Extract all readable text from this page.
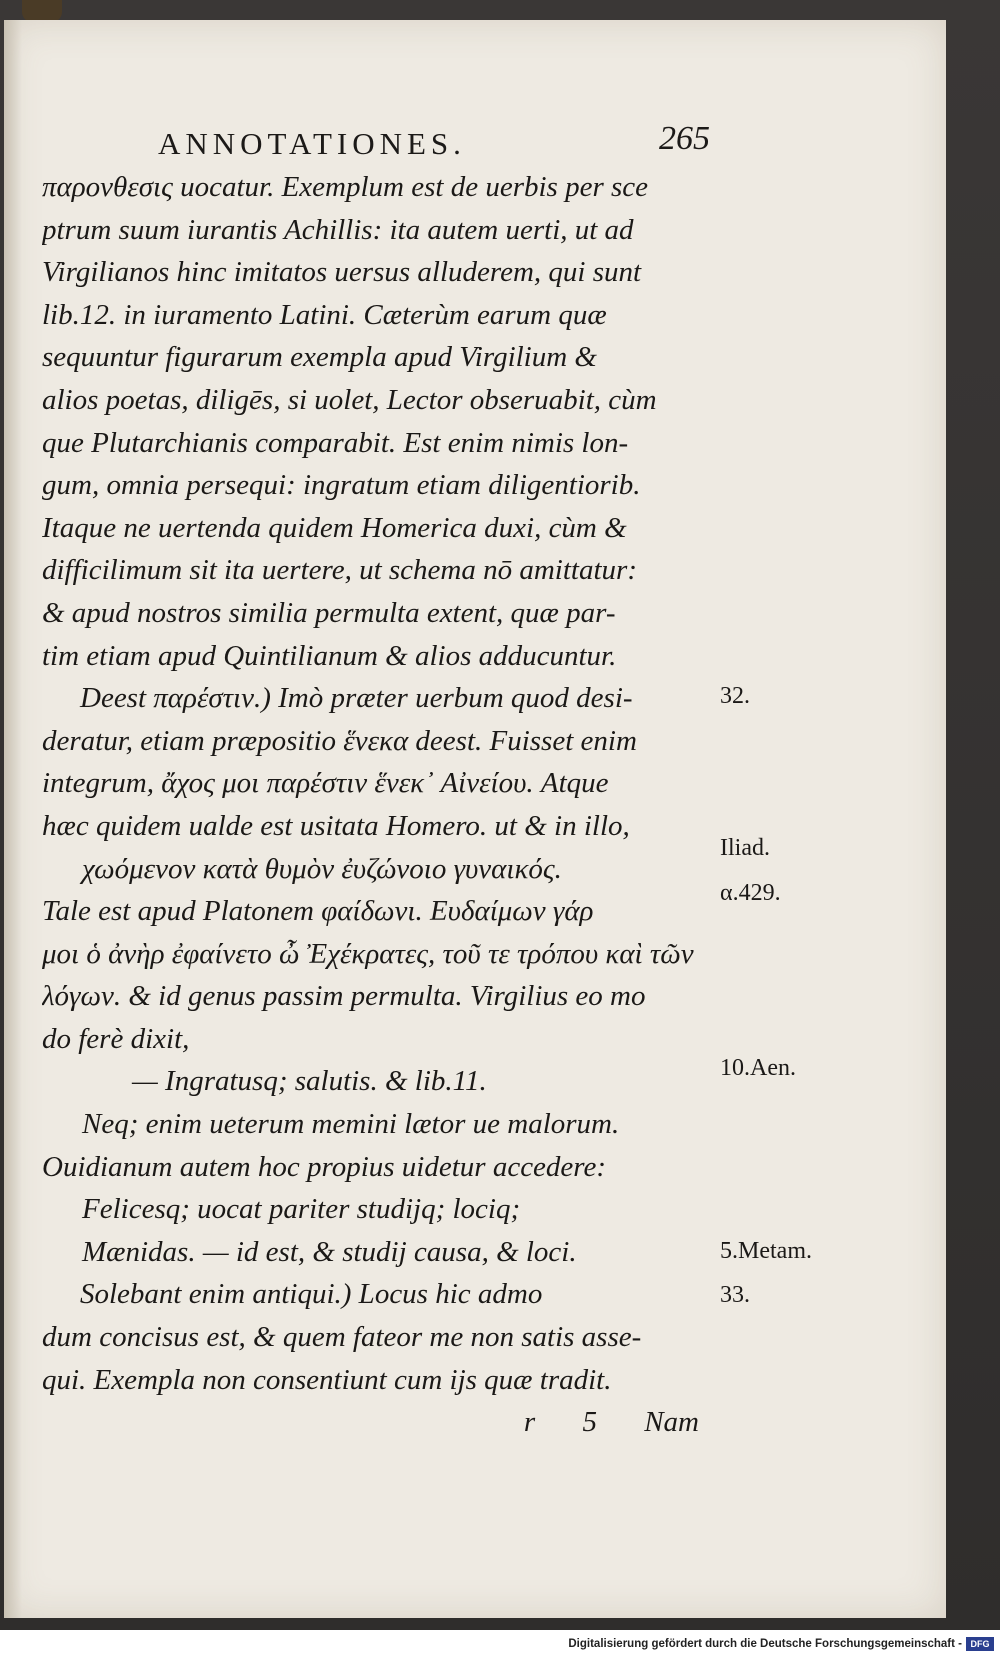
ANNOTATIONES.	265
παρονθεσις uocatur. Exemplum est de uerbis per sce
ptrum suum iurantis Achillis: ita autem uerti, ut ad
Virgilianos hinc imitatos uersus alluderem, qui sunt
lib.12. in iuramento Latini. Cæterùm earum quæ
sequuntur figurarum exempla apud Virgilium &
alios poetas, diligēs, si uolet, Lector obseruabit, cùm
que Plutarchianis comparabit. Est enim nimis lon-
gum, omnia persequi: ingratum etiam diligentiorib.
Itaque ne uertenda quidem Homerica duxi, cùm &
difficilimum sit ita uertere, ut schema nō amittatur:
& apud nostros similia permulta extent, quæ par-
tim etiam apud Quintilianum & alios adducuntur.
Deest παρέστιν.) Imò præter uerbum quod desi-
deratur, etiam præpositio ἕνεκα deest. Fuisset enim
integrum, ἄχος μοι παρέστιν ἕνεκ᾽ Αἰνείου. Atque
hæc quidem ualde est usitata Homero. ut & in illo,
χωόμενον κατὰ θυμὸν ἐυζώνοιο γυναικός.
Tale est apud Platonem φαίδωνι. Ευδαίμων γάρ
μοι ὁ ἀνὴρ ἐφαίνετο ὦ Ἐχέκρατες, τοῦ τε τρόπου καὶ τῶν
λόγων. & id genus passim permulta. Virgilius eo mo
do ferè dixit,
— Ingratusq; salutis. & lib.11.
Neq; enim ueterum memini lætor ue malorum.
Ouidianum autem hoc propius uidetur accedere:
Felicesq; uocat pariter studijq; lociq;
Mænidas. — id est, & studij causa, & loci.
Solebant enim antiqui.) Locus hic admo
dum concisus est, & quem fateor me non satis asse-
qui. Exempla non consentiunt cum ijs quæ tradit.
r 5 Nam
32.
Iliad.
α.429.
10.Aen.
5.Metam.
33.
Digitalisierung gefördert durch die Deutsche Forschungsgemeinschaft - DFG
